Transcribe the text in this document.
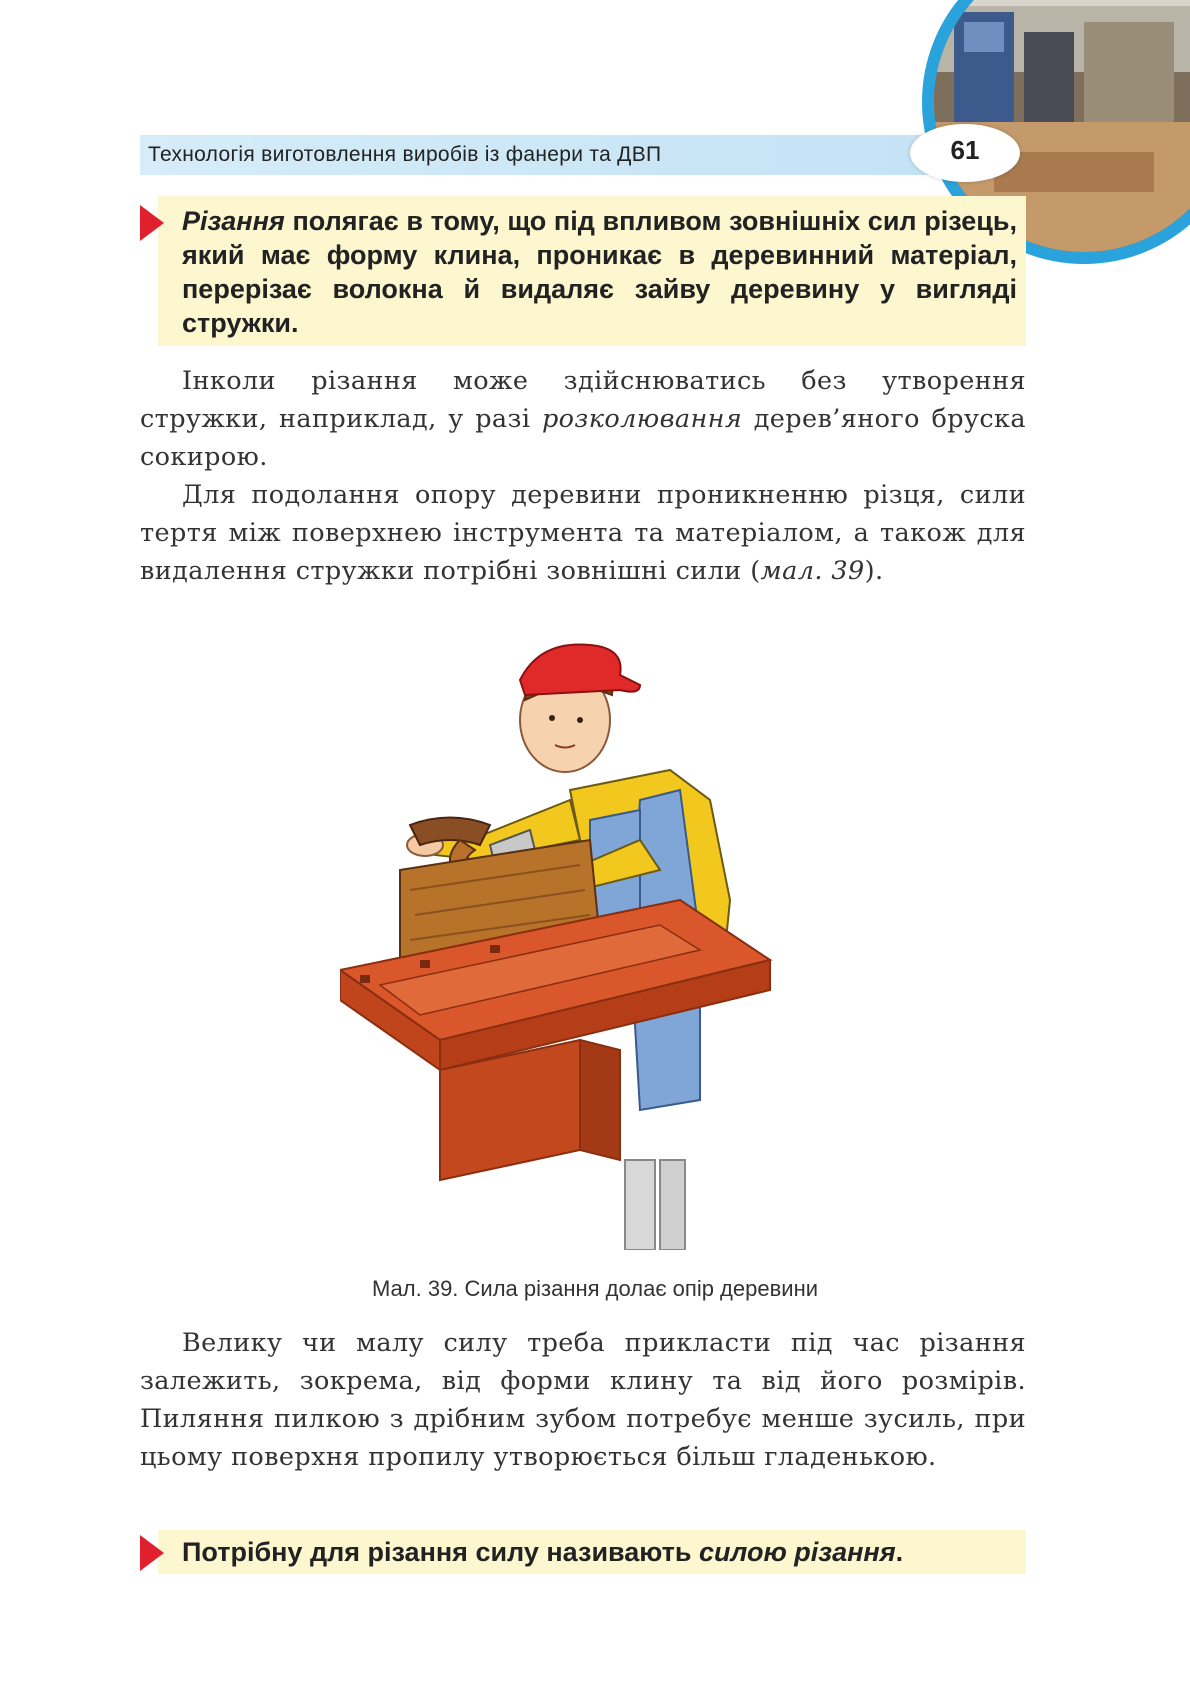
Технологія виготовлення виробів із фанери та ДВП	61
Різання полягає в тому, що під впливом зовнішніх сил різець, який має форму клина, проникає в деревинний матеріал, перерізає волокна й видаляє зайву деревину у вигляді стружки.
Інколи різання може здійснюватись без утворення стружки, наприклад, у разі розколювання дерев’яного бруска сокирою.
Для подолання опору деревини проникненню різця, сили тертя між поверхнею інструмента та матеріалом, а також для видалення стружки потрібні зовнішні сили (мал. 39).
Мал. 39. Сила різання долає опір деревини
Велику чи малу силу треба прикласти під час різання залежить, зокрема, від форми клину та від його розмірів. Пиляння пилкою з дрібним зубом потребує менше зусиль, при цьому поверхня пропилу утворюється більш гладенькою.
Потрібну для різання силу називають силою різання.
